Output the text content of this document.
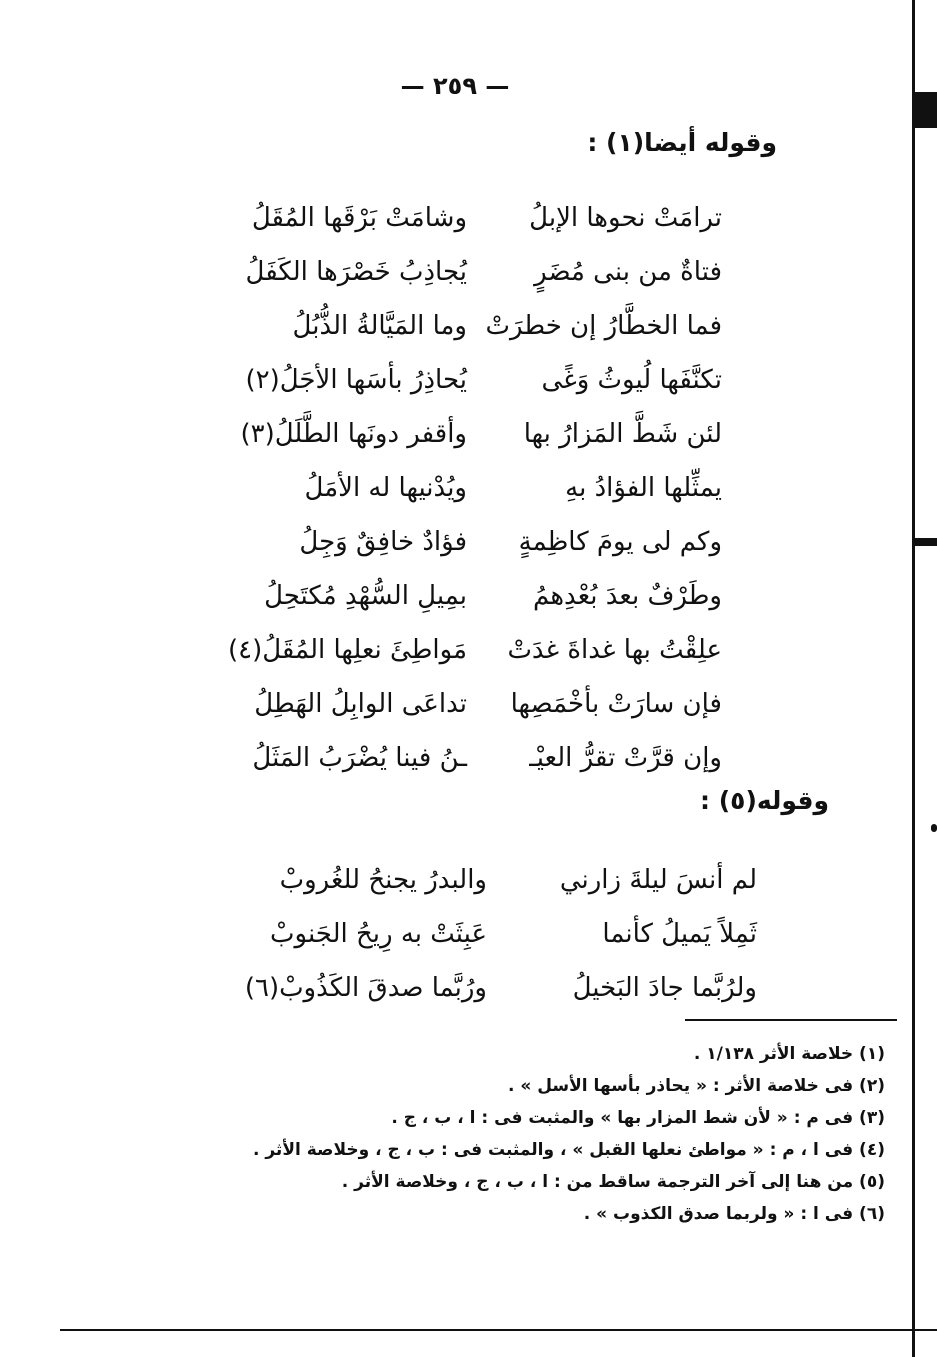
— ٢٥٩ —
وقوله أيضا(١) :
ترامَتْ نحوها الإبلُ
وشامَتْ بَرْقَها المُقَلُ
فتاةٌ من بنى مُضَرٍ
يُجاذِبُ خَصْرَها الكَفَلُ
فما الخطَّارُ إن خطرَتْ
وما المَيَّالةُ الذُّبُلُ
تكنَّفَها لُيوثُ وَغًى
يُحاذِرُ بأسَها الأجَلُ(٢)
لئن شَطَّ المَزارُ بها
وأقفر دونَها الطَّلَلُ(٣)
يمثِّلها الفؤادُ بهِ
ويُدْنيها له الأمَلُ
وكم لى يومَ كاظِمةٍ
فؤادٌ خافِقٌ وَجِلُ
وطَرْفٌ بعدَ بُعْدِهمُ
بمِيلِ السُّهْدِ مُكتَحِلُ
علِقْتُ بها غداةَ غدَتْ
مَواطِئَ نعلِها المُقَلُ(٤)
فإن سارَتْ بأخْمَصِها
تداعَى الوابِلُ الهَطِلُ
وإن قرَّتْ تقرُّ العيْـ
ـنُ فينا يُضْرَبُ المَثَلُ
وقوله(٥) :
لم أنسَ ليلةَ زارني
والبدرُ يجنحُ للغُروبْ
ثَمِلاً يَميلُ كأنما
عَبِثَتْ به رِيحُ الجَنوبْ
ولرُبَّما جادَ البَخيلُ
ورُبَّما صدقَ الكَذُوبْ(٦)
(١) خلاصة الأثر ١/١٣٨ .
(٢) فى خلاصة الأثر : « يحاذر بأسها الأسل » .
(٣) فى م : « لأن شط المزار بها » والمثبت فى : ا ، ب ، ج .
(٤) فى ا ، م : « مواطئ نعلها القبل » ، والمثبت فى : ب ، ج ، وخلاصة الأثر .
(٥) من هنا إلى آخر الترجمة ساقط من : ا ، ب ، ج ، وخلاصة الأثر .
(٦) فى ا : « ولربما صدق الكذوب » .
